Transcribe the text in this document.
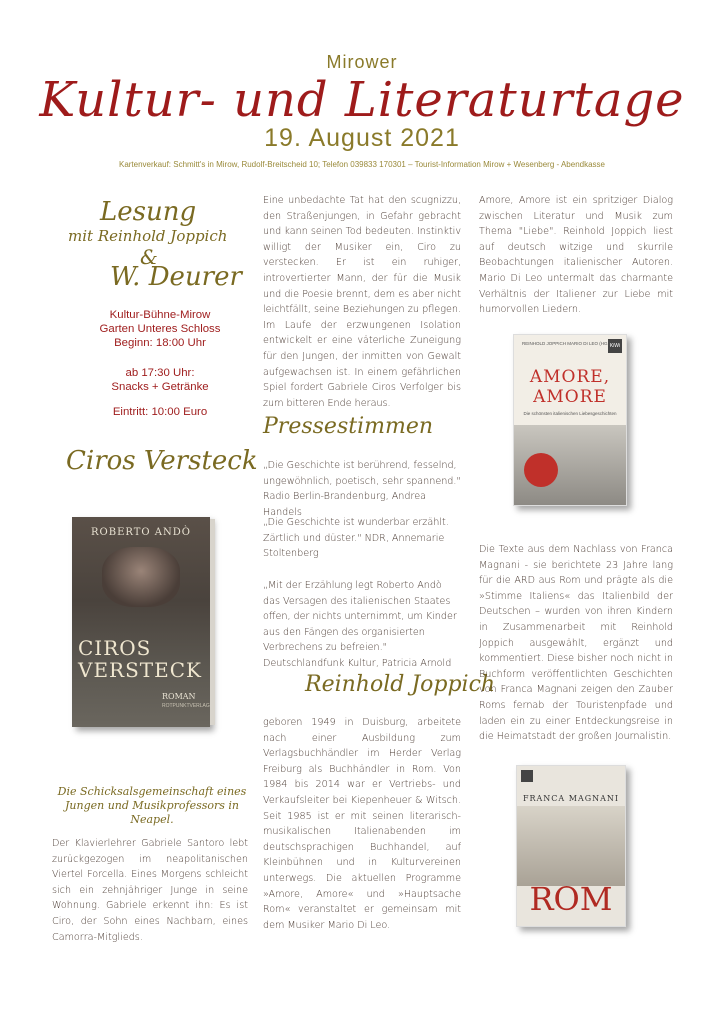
Mirower
Kultur- und Literaturtage
19. August 2021
Kartenverkauf: Schmitt's in Mirow, Rudolf-Breitscheid 10; Telefon 039833 170301 – Tourist-Information Mirow + Wesenberg - Abendkasse
Lesung
mit Reinhold Joppich
&
W. Deurer
Kultur-Bühne-Mirow
Garten Unteres Schloss
Beginn: 18:00 Uhr
ab 17:30 Uhr:
Snacks + Getränke
Eintritt: 10:00 Euro
Ciros Versteck
ROBERTO ANDÒ
CIROS
VERSTECK
ROMAN
ROTPUNKTVERLAG
Die Schicksalsgemeinschaft eines Jungen und Musikprofessors in Neapel.
Der Klavierlehrer Gabriele Santoro lebt zurückgezogen im neapolitanischen Viertel Forcella. Eines Morgens schleicht sich ein zehnjähriger Junge in seine Wohnung. Gabriele erkennt ihn: Es ist Ciro, der Sohn eines Nachbarn, eines Camorra-Mitglieds.
Eine unbedachte Tat hat den scugnizzu, den Straßenjungen, in Gefahr gebracht und kann seinen Tod bedeuten. Instinktiv willigt der Musiker ein, Ciro zu verstecken. Er ist ein ruhiger, introvertierter Mann, der für die Musik und die Poesie brennt, dem es aber nicht leichtfällt, seine Beziehungen zu pflegen. Im Laufe der erzwungenen Isolation entwickelt er eine väterliche Zuneigung für den Jungen, der inmitten von Gewalt aufgewachsen ist. In einem gefährlichen Spiel fordert Gabriele Ciros Verfolger bis zum bitteren Ende heraus.
Pressestimmen
„Die Geschichte ist berührend, fesselnd, ungewöhnlich, poetisch, sehr spannend." Radio Berlin-Brandenburg, Andrea Handels
„Die Geschichte ist wunderbar erzählt. Zärtlich und düster." NDR, Annemarie Stoltenberg
„Mit der Erzählung legt Roberto Andò das Versagen des italienischen Staates offen, der nichts unternimmt, um Kinder aus den Fängen des organisierten Verbrechens zu befreien." Deutschlandfunk Kultur, Patricia Arnold
Reinhold Joppich
geboren 1949 in Duisburg, arbeitete nach einer Ausbildung zum Verlagsbuchhändler im Herder Verlag Freiburg als Buchhändler in Rom. Von 1984 bis 2014 war er Vertriebs- und Verkaufsleiter bei Kiepenheuer & Witsch. Seit 1985 ist er mit seinen literarisch-musikalischen Italienabenden im deutschsprachigen Buchhandel, auf Kleinbühnen und in Kulturvereinen unterwegs. Die aktuellen Programme »Amore, Amore« und »Hauptsache Rom« veranstaltet er gemeinsam mit dem Musiker Mario Di Leo.
Amore, Amore ist ein spritziger Dialog zwischen Literatur und Musik zum Thema "Liebe". Reinhold Joppich liest auf deutsch witzige und skurrile Beobachtungen italienischer Autoren. Mario Di Leo untermalt das charmante Verhältnis der Italiener zur Liebe mit humorvollen Liedern.
KiWi
REINHOLD JOPPICH MARIO DI LEO (HG.)
AMORE,
AMORE
Die schönsten italienischen Liebesgeschichten
Die Texte aus dem Nachlass von Franca Magnani - sie berichtete 23 Jahre lang für die ARD aus Rom und prägte als die »Stimme Italiens« das Italienbild der Deutschen – wurden von ihren Kindern in Zusammenarbeit mit Reinhold Joppich ausgewählt, ergänzt und kommentiert. Diese bisher noch nicht in Buchform veröffentlichten Geschichten von Franca Magnani zeigen den Zauber Roms fernab der Touristenpfade und laden ein zu einer Entdeckungsreise in die Heimatstadt der großen Journalistin.
FRANCA MAGNANI
ROM
